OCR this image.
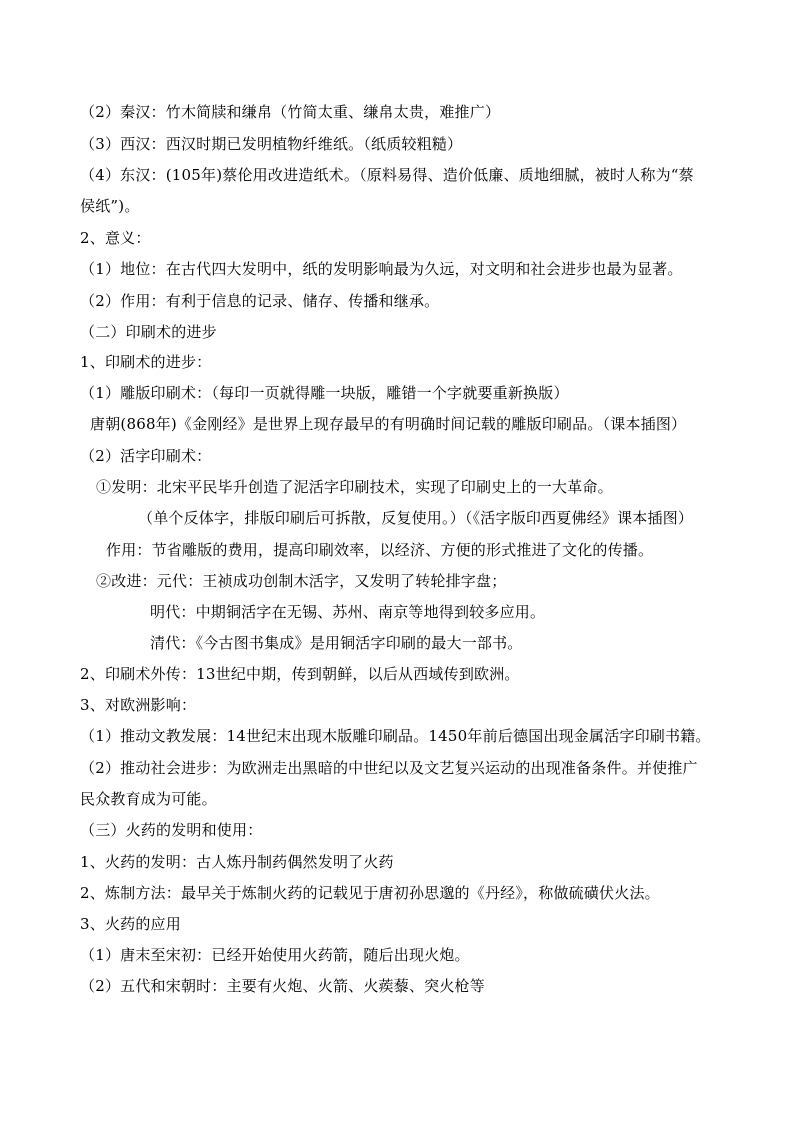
（2）秦汉：竹木简牍和缣帛（竹简太重、缣帛太贵，难推广）
（3）西汉：西汉时期已发明植物纤维纸。（纸质较粗糙）
（4）东汉：(105年)蔡伦用改进造纸术。（原料易得、造价低廉、质地细腻，被时人称为“蔡
侯纸”)。
2、意义：
（1）地位：在古代四大发明中，纸的发明影响最为久远，对文明和社会进步也最为显著。
（2）作用：有利于信息的记录、储存、传播和继承。
（二）印刷术的进步
1、印刷术的进步：
（1）雕版印刷术：（每印一页就得雕一块版，雕错一个字就要重新换版）
唐朝(868年)《金刚经》是世界上现存最早的有明确时间记载的雕版印刷品。（课本插图）
（2）活字印刷术：
①发明：北宋平民毕升创造了泥活字印刷技术，实现了印刷史上的一大革命。
（单个反体字，排版印刷后可拆散，反复使用。）（《活字版印西夏佛经》课本插图）
作用：节省雕版的费用，提高印刷效率，以经济、方便的形式推进了文化的传播。
②改进：元代：王祯成功创制木活字，又发明了转轮排字盘；
明代：中期铜活字在无锡、苏州、南京等地得到较多应用。
清代：《今古图书集成》是用铜活字印刷的最大一部书。
2、印刷术外传：13世纪中期，传到朝鲜，以后从西域传到欧洲。
3、对欧洲影响：
（1）推动文教发展：14世纪末出现木版雕印刷品。1450年前后德国出现金属活字印刷书籍。
（2）推动社会进步：为欧洲走出黑暗的中世纪以及文艺复兴运动的出现准备条件。并使推广
民众教育成为可能。
（三）火药的发明和使用：
1、火药的发明：古人炼丹制药偶然发明了火药
2、炼制方法：最早关于炼制火药的记载见于唐初孙思邈的《丹经》，称做硫磺伏火法。
3、火药的应用
（1）唐末至宋初：已经开始使用火药箭，随后出现火炮。
（2）五代和宋朝时：主要有火炮、火箭、火蒺藜、突火枪等
